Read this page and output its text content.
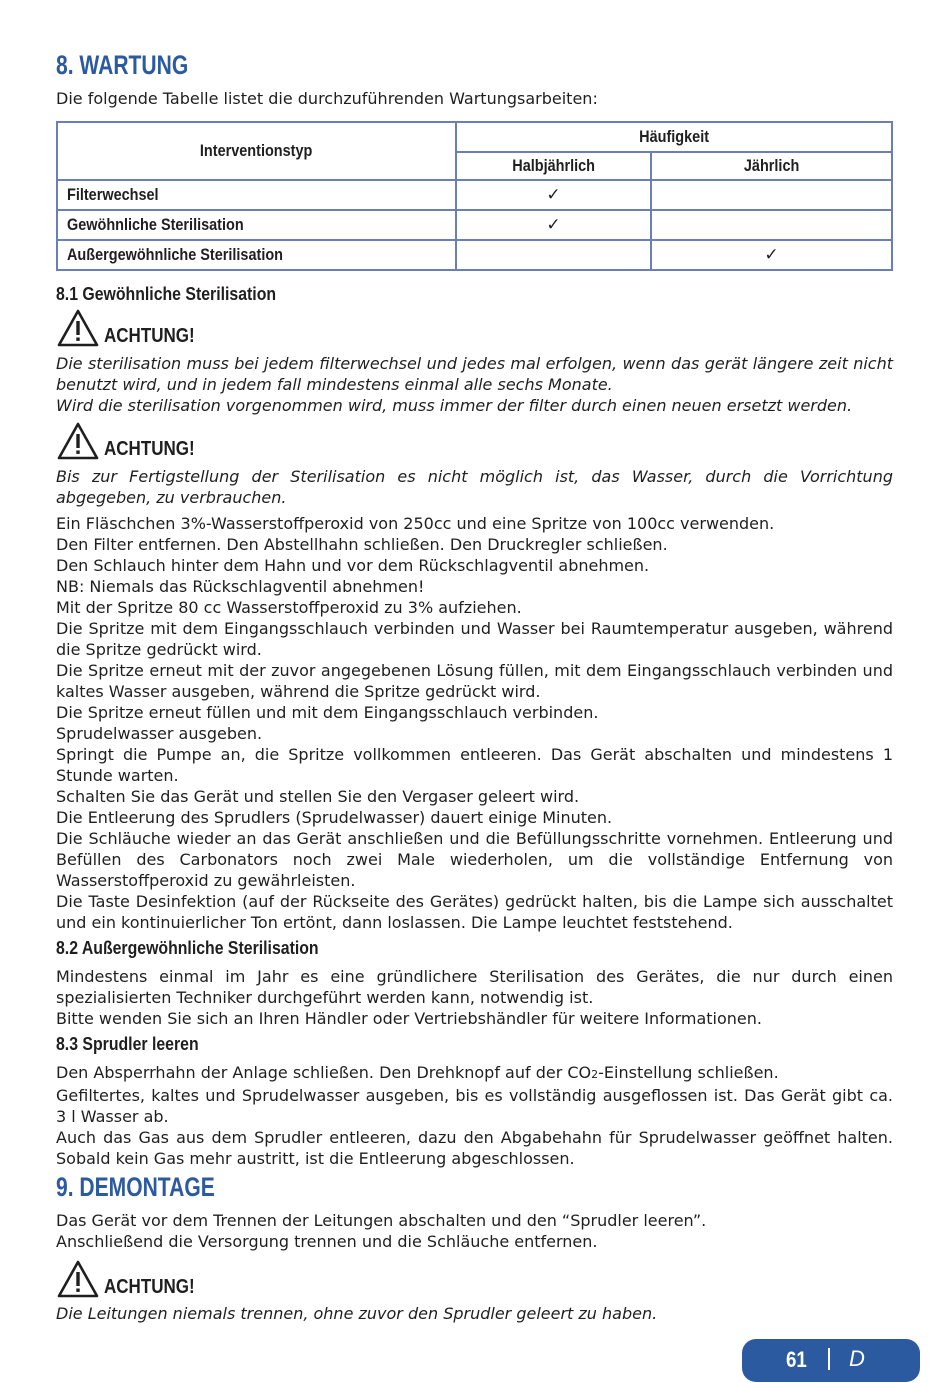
8. WARTUNG

Die folgende Tabelle listet die durchzuführenden Wartungsarbeiten:

Interventionstyp	Häufigkeit	
	Halbjährlich	Jährlich
Filterwechsel	✓	
Gewöhnliche Sterilisation	✓	
Außergewöhnliche Sterilisation		✓
8.1 Gewöhnliche Sterilisation
ACHTUNG!

Die sterilisation muss bei jedem filterwechsel und jedes mal erfolgen, wenn das gerät längere zeit nicht benutzt wird, und in jedem fall mindestens einmal alle sechs Monate.

Wird die sterilisation vorgenommen wird, muss immer der filter durch einen neuen ersetzt werden.

ACHTUNG!

Bis zur Fertigstellung der Sterilisation es nicht möglich ist, das Wasser, durch die Vorrichtung abgegeben, zu verbrauchen.

Ein Fläschchen 3%-Wasserstoffperoxid von 250cc und eine Spritze von 100cc verwenden.

Den Filter entfernen. Den Abstellhahn schließen. Den Druckregler schließen.

Den Schlauch hinter dem Hahn und vor dem Rückschlagventil abnehmen.

NB: Niemals das Rückschlagventil abnehmen!

Mit der Spritze 80 cc Wasserstoffperoxid zu 3% aufziehen.

Die Spritze mit dem Eingangsschlauch verbinden und Wasser bei Raumtemperatur ausgeben, während die Spritze gedrückt wird.

Die Spritze erneut mit der zuvor angegebenen Lösung füllen, mit dem Eingangsschlauch verbinden und kaltes Wasser ausgeben, während die Spritze gedrückt wird.

Die Spritze erneut füllen und mit dem Eingangsschlauch verbinden.

Sprudelwasser ausgeben.

Springt die Pumpe an, die Spritze vollkommen entleeren. Das Gerät abschalten und mindestens 1 Stunde warten.

Schalten Sie das Gerät und stellen Sie den Vergaser geleert wird.

Die Entleerung des Sprudlers (Sprudelwasser) dauert einige Minuten.

Die Schläuche wieder an das Gerät anschließen und die Befüllungsschritte vornehmen. Entleerung und Befüllen des Carbonators noch zwei Male wiederholen, um die vollständige Entfernung von Wasserstoffperoxid zu gewährleisten.

Die Taste Desinfektion (auf der Rückseite des Gerätes) gedrückt halten, bis die Lampe sich ausschaltet und ein kontinuierlicher Ton ertönt, dann loslassen. Die Lampe leuchtet feststehend.

8.2 Außergewöhnliche Sterilisation

Mindestens einmal im Jahr es eine gründlichere Sterilisation des Gerätes, die nur durch einen spezialisierten Techniker durchgeführt werden kann, notwendig ist.

Bitte wenden Sie sich an Ihren Händler oder Vertriebshändler für weitere Informationen.

8.3 Sprudler leeren

Den Absperrhahn der Anlage schließen. Den Drehknopf auf der CO2-Einstellung schließen.

Gefiltertes, kaltes und Sprudelwasser ausgeben, bis es vollständig ausgeflossen ist. Das Gerät gibt ca. 3 l Wasser ab.

Auch das Gas aus dem Sprudler entleeren, dazu den Abgabehahn für Sprudelwasser geöffnet halten. Sobald kein Gas mehr austritt, ist die Entleerung abgeschlossen.

9. DEMONTAGE

Das Gerät vor dem Trennen der Leitungen abschalten und den “Sprudler leeren”.

Anschließend die Versorgung trennen und die Schläuche entfernen.

ACHTUNG!

Die Leitungen niemals trennen, ohne zuvor den Sprudler geleert zu haben.

61 D
